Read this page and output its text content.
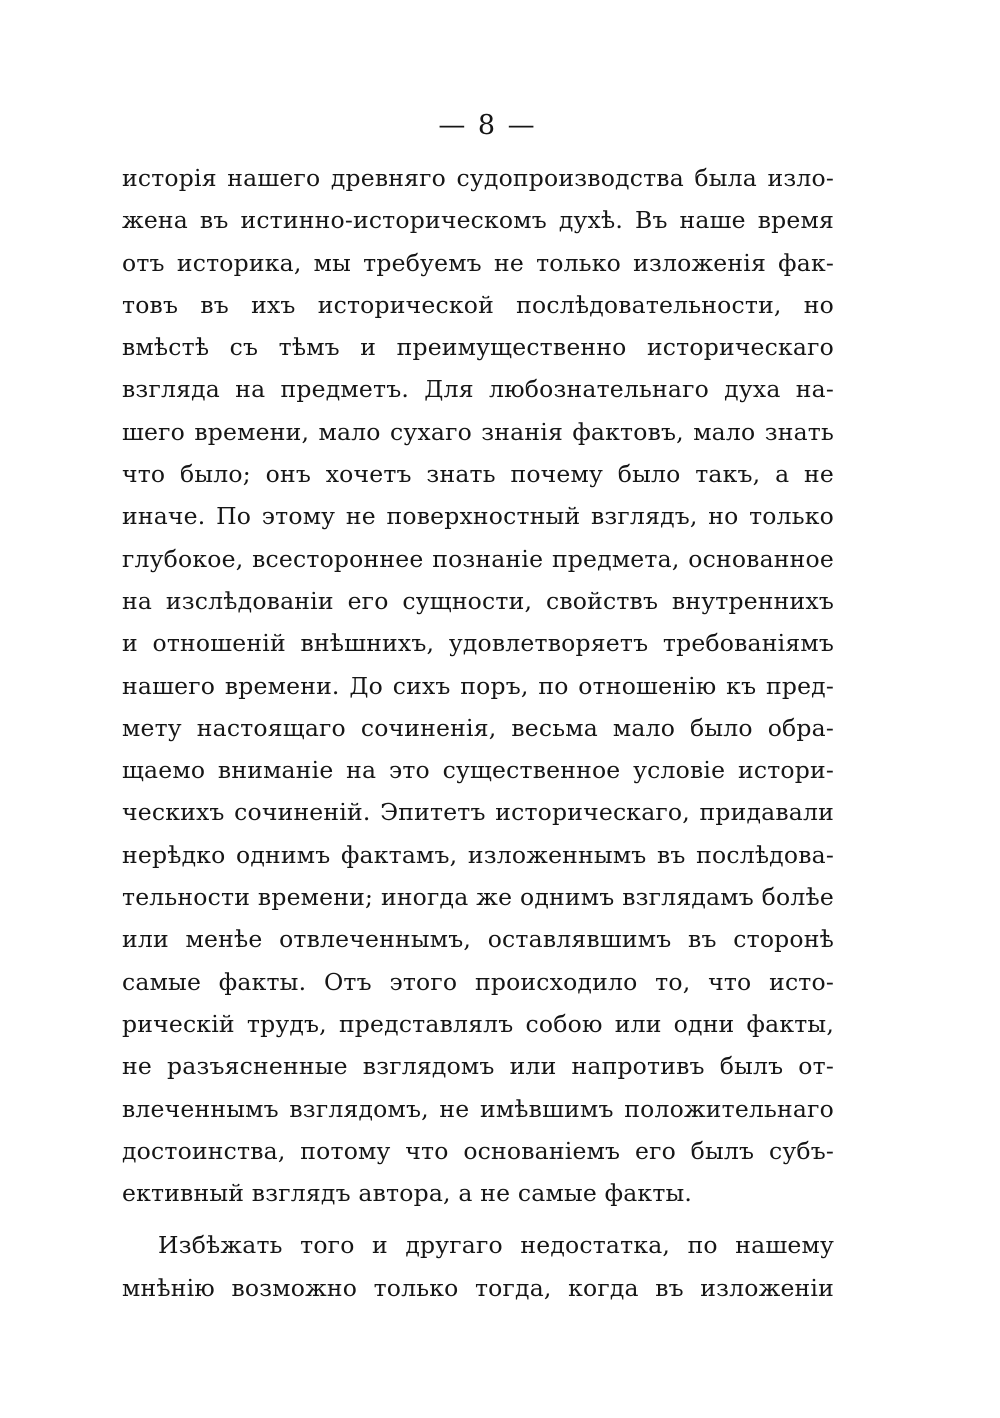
— 8 —
исторія нашего древняго судопроизводства была изло-
жена въ истинно-историческомъ духѣ. Въ наше время
отъ историка, мы требуемъ не только изложенія фак-
товъ въ ихъ исторической послѣдовательности, но
вмѣстѣ съ тѣмъ и преимущественно историческаго
взгляда на предметъ. Для любознательнаго духа на-
шего времени, мало сухаго знанія фактовъ, мало знать
что было; онъ хочетъ знать почему было такъ, а не
иначе. По этому не поверхностный взглядъ, но только
глубокое, всестороннее познаніе предмета, основанное
на изслѣдованіи его сущности, свойствъ внутреннихъ
и отношеній внѣшнихъ, удовлетворяетъ требованіямъ
нашего времени. До сихъ поръ, по отношенію къ пред-
мету настоящаго сочиненія, весьма мало было обра-
щаемо вниманіе на это существенное условіе истори-
ческихъ сочиненій. Эпитетъ историческаго, придавали
нерѣдко однимъ фактамъ, изложеннымъ въ послѣдова-
тельности времени; иногда же однимъ взглядамъ болѣе
или менѣе отвлеченнымъ, оставлявшимъ въ сторонѣ
самые факты. Отъ этого происходило то, что исто-
рическій трудъ, представлялъ собою или одни факты,
не разъясненные взглядомъ или напротивъ былъ от-
влеченнымъ взглядомъ, не имѣвшимъ положительнаго
достоинства, потому что основаніемъ его былъ субъ-
ективный взглядъ автора, а не самые факты.
Избѣжать того и другаго недостатка, по нашему
мнѣнію возможно только тогда, когда въ изложеніи
